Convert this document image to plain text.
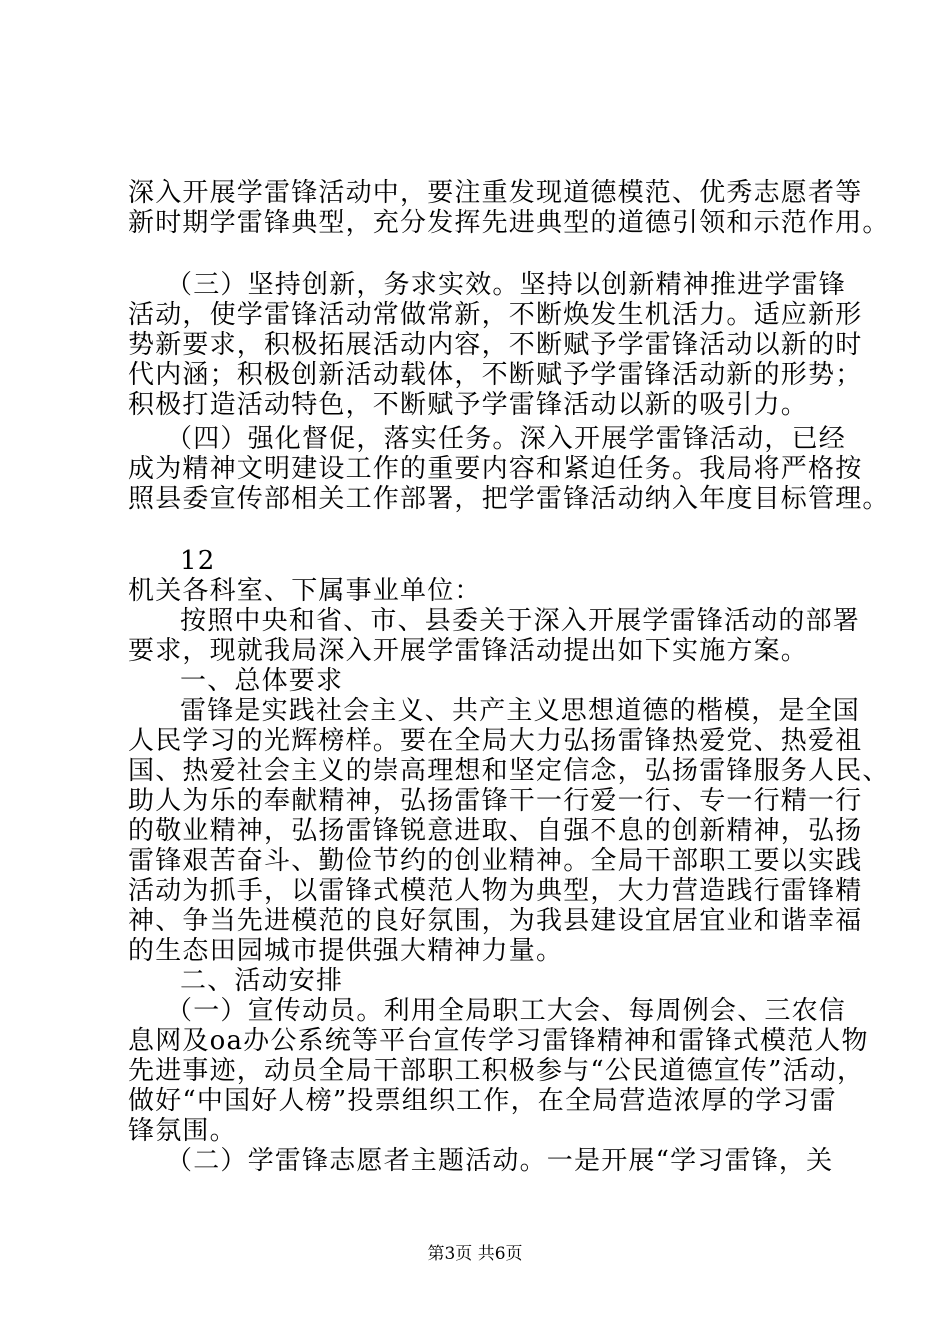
深入开展学雷锋活动中，要注重发现道德模范、优秀志愿者等
新时期学雷锋典型，充分发挥先进典型的道德引领和示范作用。
（三）坚持创新，务求实效。坚持以创新精神推进学雷锋
活动，使学雷锋活动常做常新，不断焕发生机活力。适应新形
势新要求，积极拓展活动内容，不断赋予学雷锋活动以新的时
代内涵；积极创新活动载体，不断赋予学雷锋活动新的形势；
积极打造活动特色，不断赋予学雷锋活动以新的吸引力。
（四）强化督促，落实任务。深入开展学雷锋活动，已经
成为精神文明建设工作的重要内容和紧迫任务。我局将严格按
照县委宣传部相关工作部署，把学雷锋活动纳入年度目标管理。
12
机关各科室、下属事业单位：
按照中央和省、市、县委关于深入开展学雷锋活动的部署
要求，现就我局深入开展学雷锋活动提出如下实施方案。
一、总体要求
雷锋是实践社会主义、共产主义思想道德的楷模，是全国
人民学习的光辉榜样。要在全局大力弘扬雷锋热爱党、热爱祖
国、热爱社会主义的崇高理想和坚定信念，弘扬雷锋服务人民、
助人为乐的奉献精神，弘扬雷锋干一行爱一行、专一行精一行
的敬业精神，弘扬雷锋锐意进取、自强不息的创新精神，弘扬
雷锋艰苦奋斗、勤俭节约的创业精神。全局干部职工要以实践
活动为抓手，以雷锋式模范人物为典型，大力营造践行雷锋精
神、争当先进模范的良好氛围，为我县建设宜居宜业和谐幸福
的生态田园城市提供强大精神力量。
二、活动安排
（一）宣传动员。利用全局职工大会、每周例会、三农信
息网及oa办公系统等平台宣传学习雷锋精神和雷锋式模范人物
先进事迹，动员全局干部职工积极参与“公民道德宣传”活动，
做好“中国好人榜”投票组织工作，在全局营造浓厚的学习雷
锋氛围。
（二）学雷锋志愿者主题活动。一是开展“学习雷锋，关
第3页 共6页
